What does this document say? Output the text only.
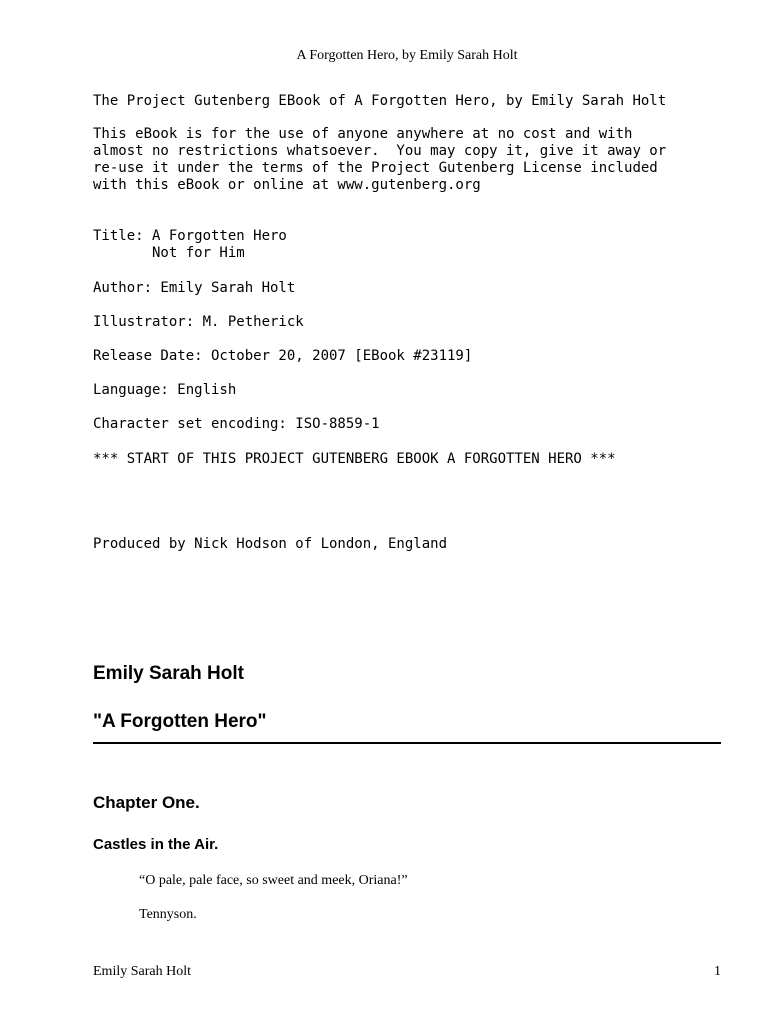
A Forgotten Hero, by Emily Sarah Holt
The Project Gutenberg EBook of A Forgotten Hero, by Emily Sarah Holt
This eBook is for the use of anyone anywhere at no cost and with
almost no restrictions whatsoever.  You may copy it, give it away or
re-use it under the terms of the Project Gutenberg License included
with this eBook or online at www.gutenberg.org
Title: A Forgotten Hero
Not for Him
Author: Emily Sarah Holt
Illustrator: M. Petherick
Release Date: October 20, 2007 [EBook #23119]
Language: English
Character set encoding: ISO-8859-1
*** START OF THIS PROJECT GUTENBERG EBOOK A FORGOTTEN HERO ***
Produced by Nick Hodson of London, England
Emily Sarah Holt
"A Forgotten Hero"
Chapter One.
Castles in the Air.
“O pale, pale face, so sweet and meek, Oriana!”
Tennyson.
Emily Sarah Holt	1
